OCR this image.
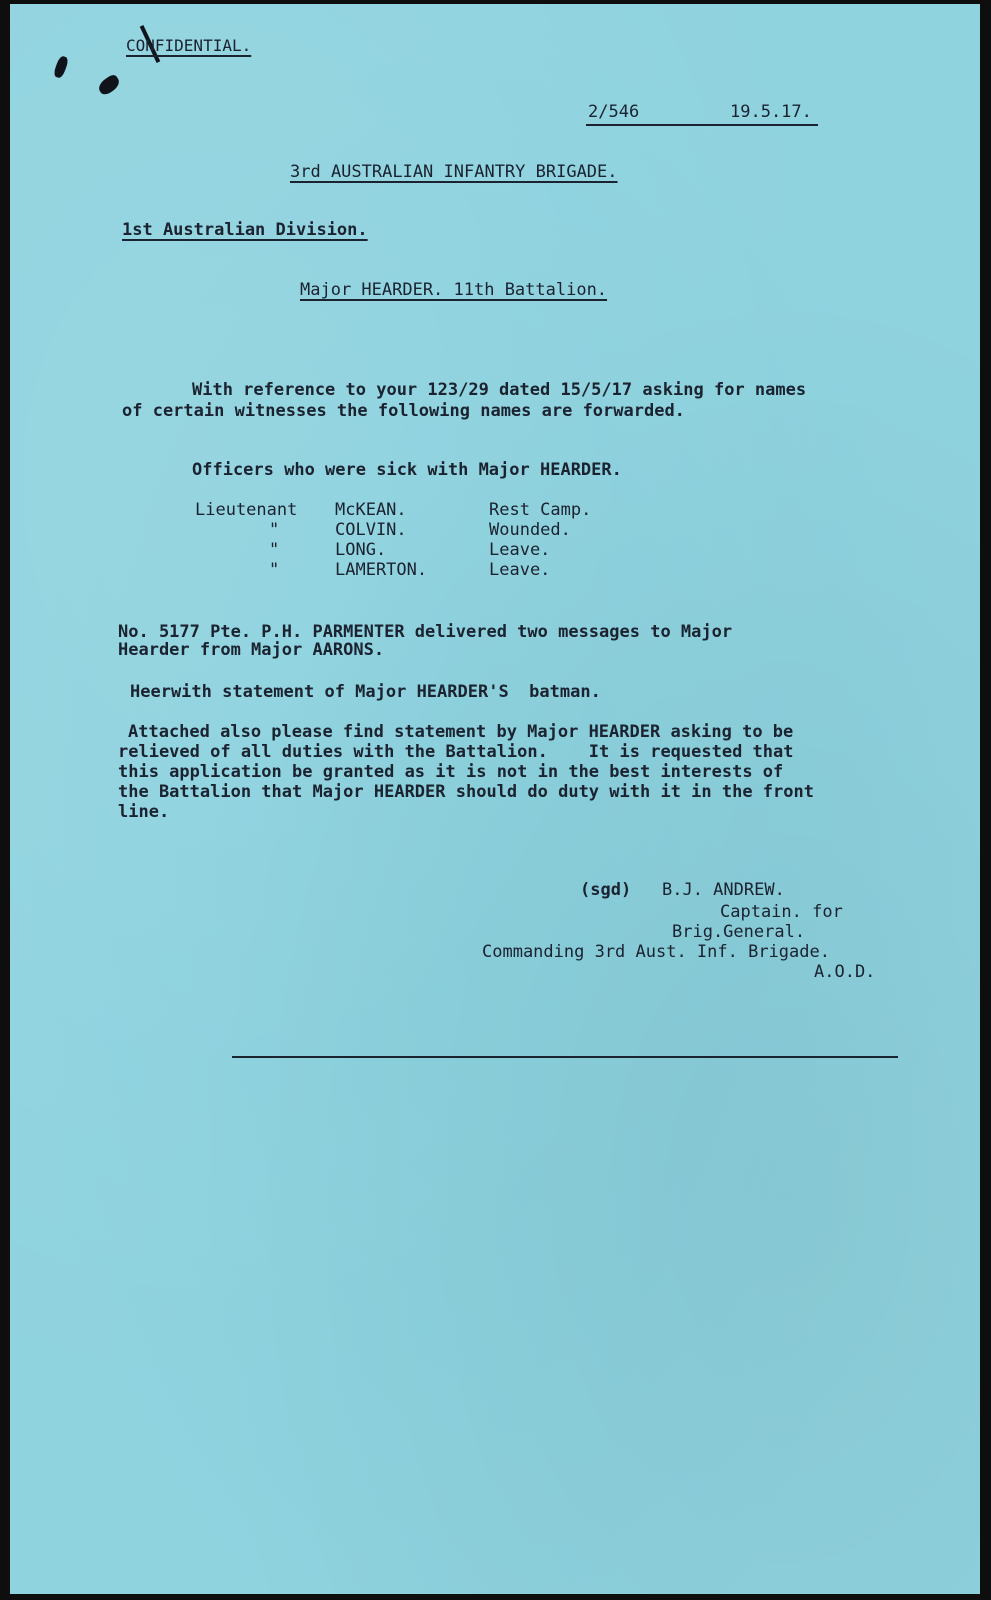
CONFIDENTIAL.

2/546	19.5.17.

3rd AUSTRALIAN INFANTRY BRIGADE.

1st Australian Division.

Major HEARDER. 11th Battalion.

With reference to your 123/29 dated 15/5/17 asking for names

of certain witnesses the following names are forwarded.

Officers who were sick with Major HEARDER.

Lieutenant McKEAN.	Rest Camp.
"	COLVIN.	Wounded.
"	LONG.	Leave.
"	LAMERTON.	Leave.

No. 5177 Pte. P.H. PARMENTER delivered two messages to Major

Hearder from Major AARONS.

Heerwith statement of Major HEARDER'S  batman.

Attached also please find statement by Major HEARDER asking to be

relieved of all duties with the Battalion.    It is requested that

this application be granted as it is not in the best interests of

the Battalion that Major HEARDER should do duty with it in the front

line.

(sgd) B.J. ANDREW.
Captain. for
Brig.General.
Commanding 3rd Aust. Inf. Brigade.
A.O.D.
